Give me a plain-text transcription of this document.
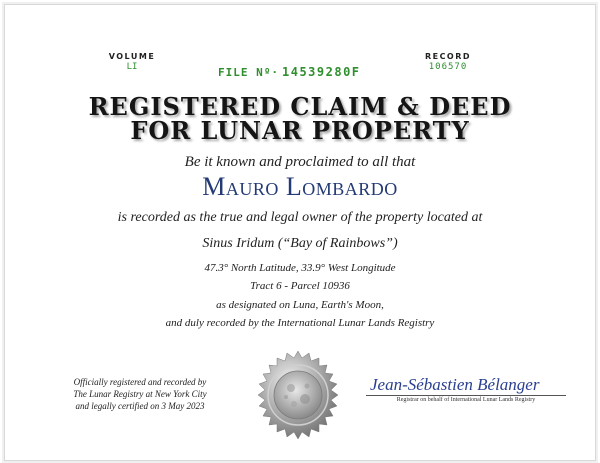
VOLUME
LI	FILE Nº· 14539280F
RECORD
106570
REGISTERED CLAIM & DEED
FOR LUNAR PROPERTY
Be it known and proclaimed to all that
Mauro Lombardo
is recorded as the true and legal owner of the property located at
Sinus Iridum (“Bay of Rainbows”)
47.3° North Latitude, 33.9° West Longitude
Tract 6 - Parcel 10936
as designated on Luna, Earth's Moon,
and duly recorded by the International Lunar Lands Registry
Officially registered and recorded by
The Lunar Registry at New York City
and legally certified on 3 May 2023
Jean-Sébastien Bélanger
Registrar on behalf of International Lunar Lands Registry
